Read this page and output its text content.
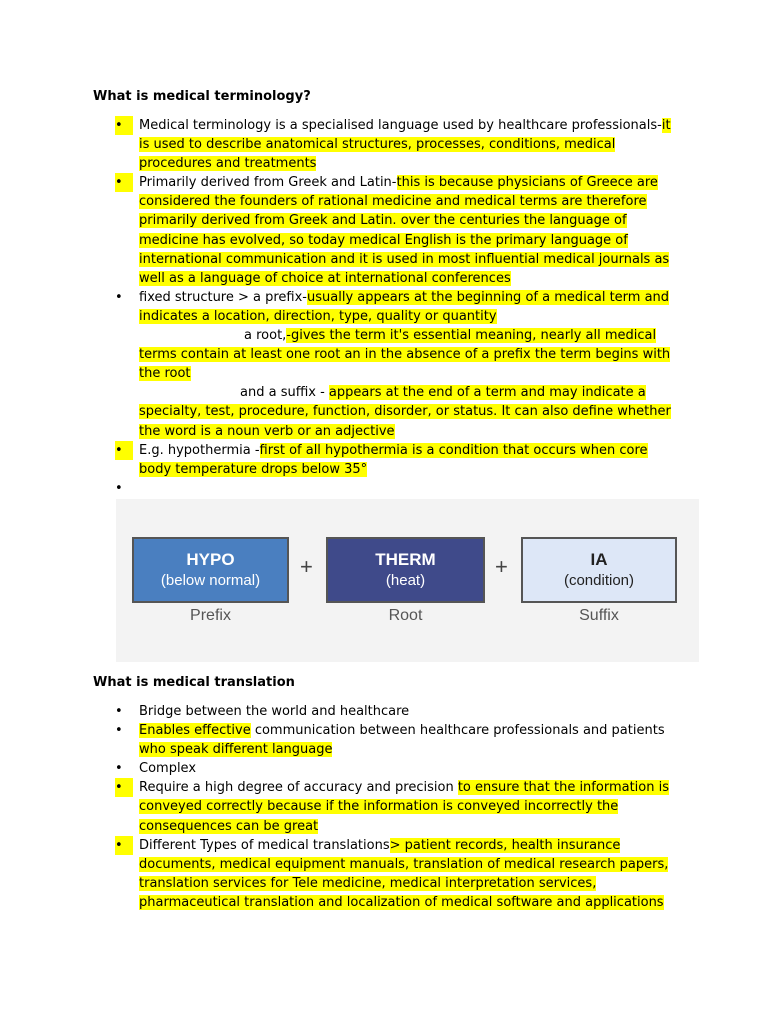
What is medical terminology?
•	Medical terminology is a specialised language used by healthcare professionals-it is used to describe anatomical structures, processes, conditions, medical procedures and treatments
•	Primarily derived from Greek and Latin-this is because physicians of Greece are considered the founders of rational medicine and medical terms are therefore primarily derived from Greek and Latin. over the centuries the language of medicine has evolved, so today medical English is the primary language of international communication and it is used in most influential medical journals as well as a language of choice at international conferences
•	fixed structure > a prefix-usually appears at the beginning of a medical term and indicates a location, direction, type, quality or quantity
a root,-gives the term it's essential meaning, nearly all medical terms contain at least one root an in the absence of a prefix the term begins with the root
and a suffix - appears at the end of a term and may indicate a specialty, test, procedure, function, disorder, or status. It can also define whether the word is a noun verb or an adjective
•	E.g. hypothermia -first of all hypothermia is a condition that occurs when core body temperature drops below 35°
•

HYPO
(below normal)
+	THERM
(heat)
+	IA
(condition)
Prefix	Root	Suffix
What is medical translation
•	Bridge between the world and healthcare
•	Enables effective communication between healthcare professionals and patients who speak different language
•	Complex
•	Require a high degree of accuracy and precision to ensure that the information is conveyed correctly because if the information is conveyed incorrectly the consequences can be great
•	Different Types of medical translations> patient records, health insurance documents, medical equipment manuals, translation of medical research papers, translation services for Tele medicine, medical interpretation services, pharmaceutical translation and localization of medical software and applications
